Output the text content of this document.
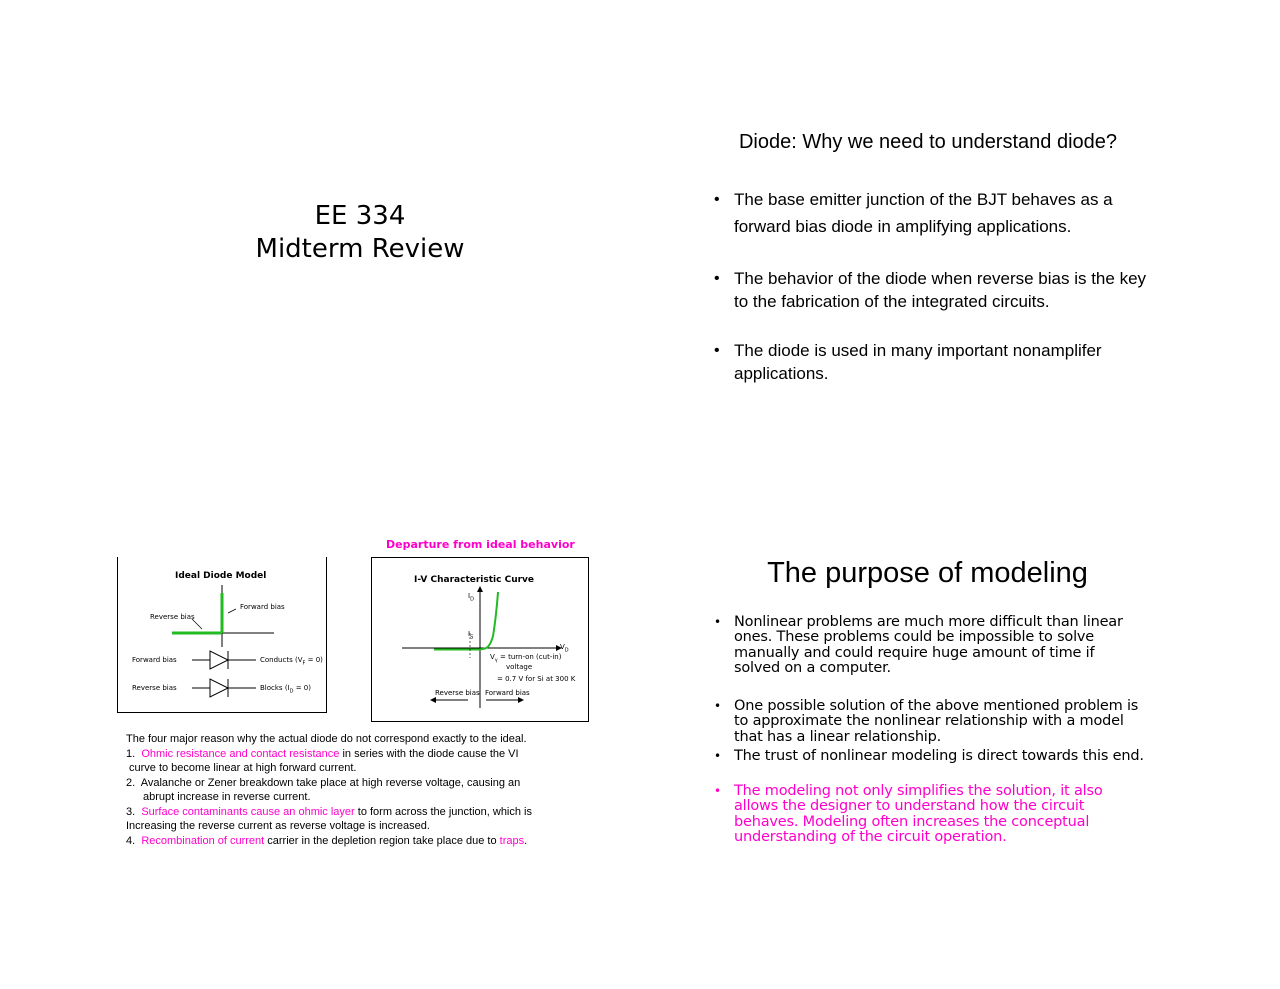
EE 334
Midterm Review
Diode: Why we need to understand diode?
• The base emitter junction of the BJT behaves as a forward bias diode in amplifying applications.
• The behavior of the diode when reverse bias is the key to the fabrication of the integrated circuits.
• The diode is used in many important nonamplifer applications.
Departure from ideal behavior
Ideal Diode Model
Reverse bias
Forward bias
Forward bias	Conducts $(V_F = 0)$
Reverse bias	Blocks $(I_D = 0)$
I-V Characteristic Curve
$I_D$
$V_D$
$I_S$
$V_\gamma$ = turn-on (cut-in)
voltage
= 0.7 V for Si at 300 K
Reverse bias Forward bias
The four major reason why the actual diode do not correspond exactly to the ideal.
1. Ohmic resistance and contact resistance in series with the diode cause the VI
curve to become linear at high forward current.
2. Avalanche or Zener breakdown take place at high reverse voltage, causing an
abrupt increase in reverse current.
3. Surface contaminants cause an ohmic layer to form across the junction, which is
Increasing the reverse current as reverse voltage is increased.
4. Recombination of current carrier in the depletion region take place due to traps.
The purpose of modeling
• Nonlinear problems are much more difficult than linear ones. These problems could be impossible to solve manually and could require huge amount of time if solved on a computer.
• One possible solution of the above mentioned problem is to approximate the nonlinear relationship with a model that has a linear relationship.
• The trust of nonlinear modeling is direct towards this end.
• The modeling not only simplifies the solution, it also allows the designer to understand how the circuit behaves. Modeling often increases the conceptual understanding of the circuit operation.
